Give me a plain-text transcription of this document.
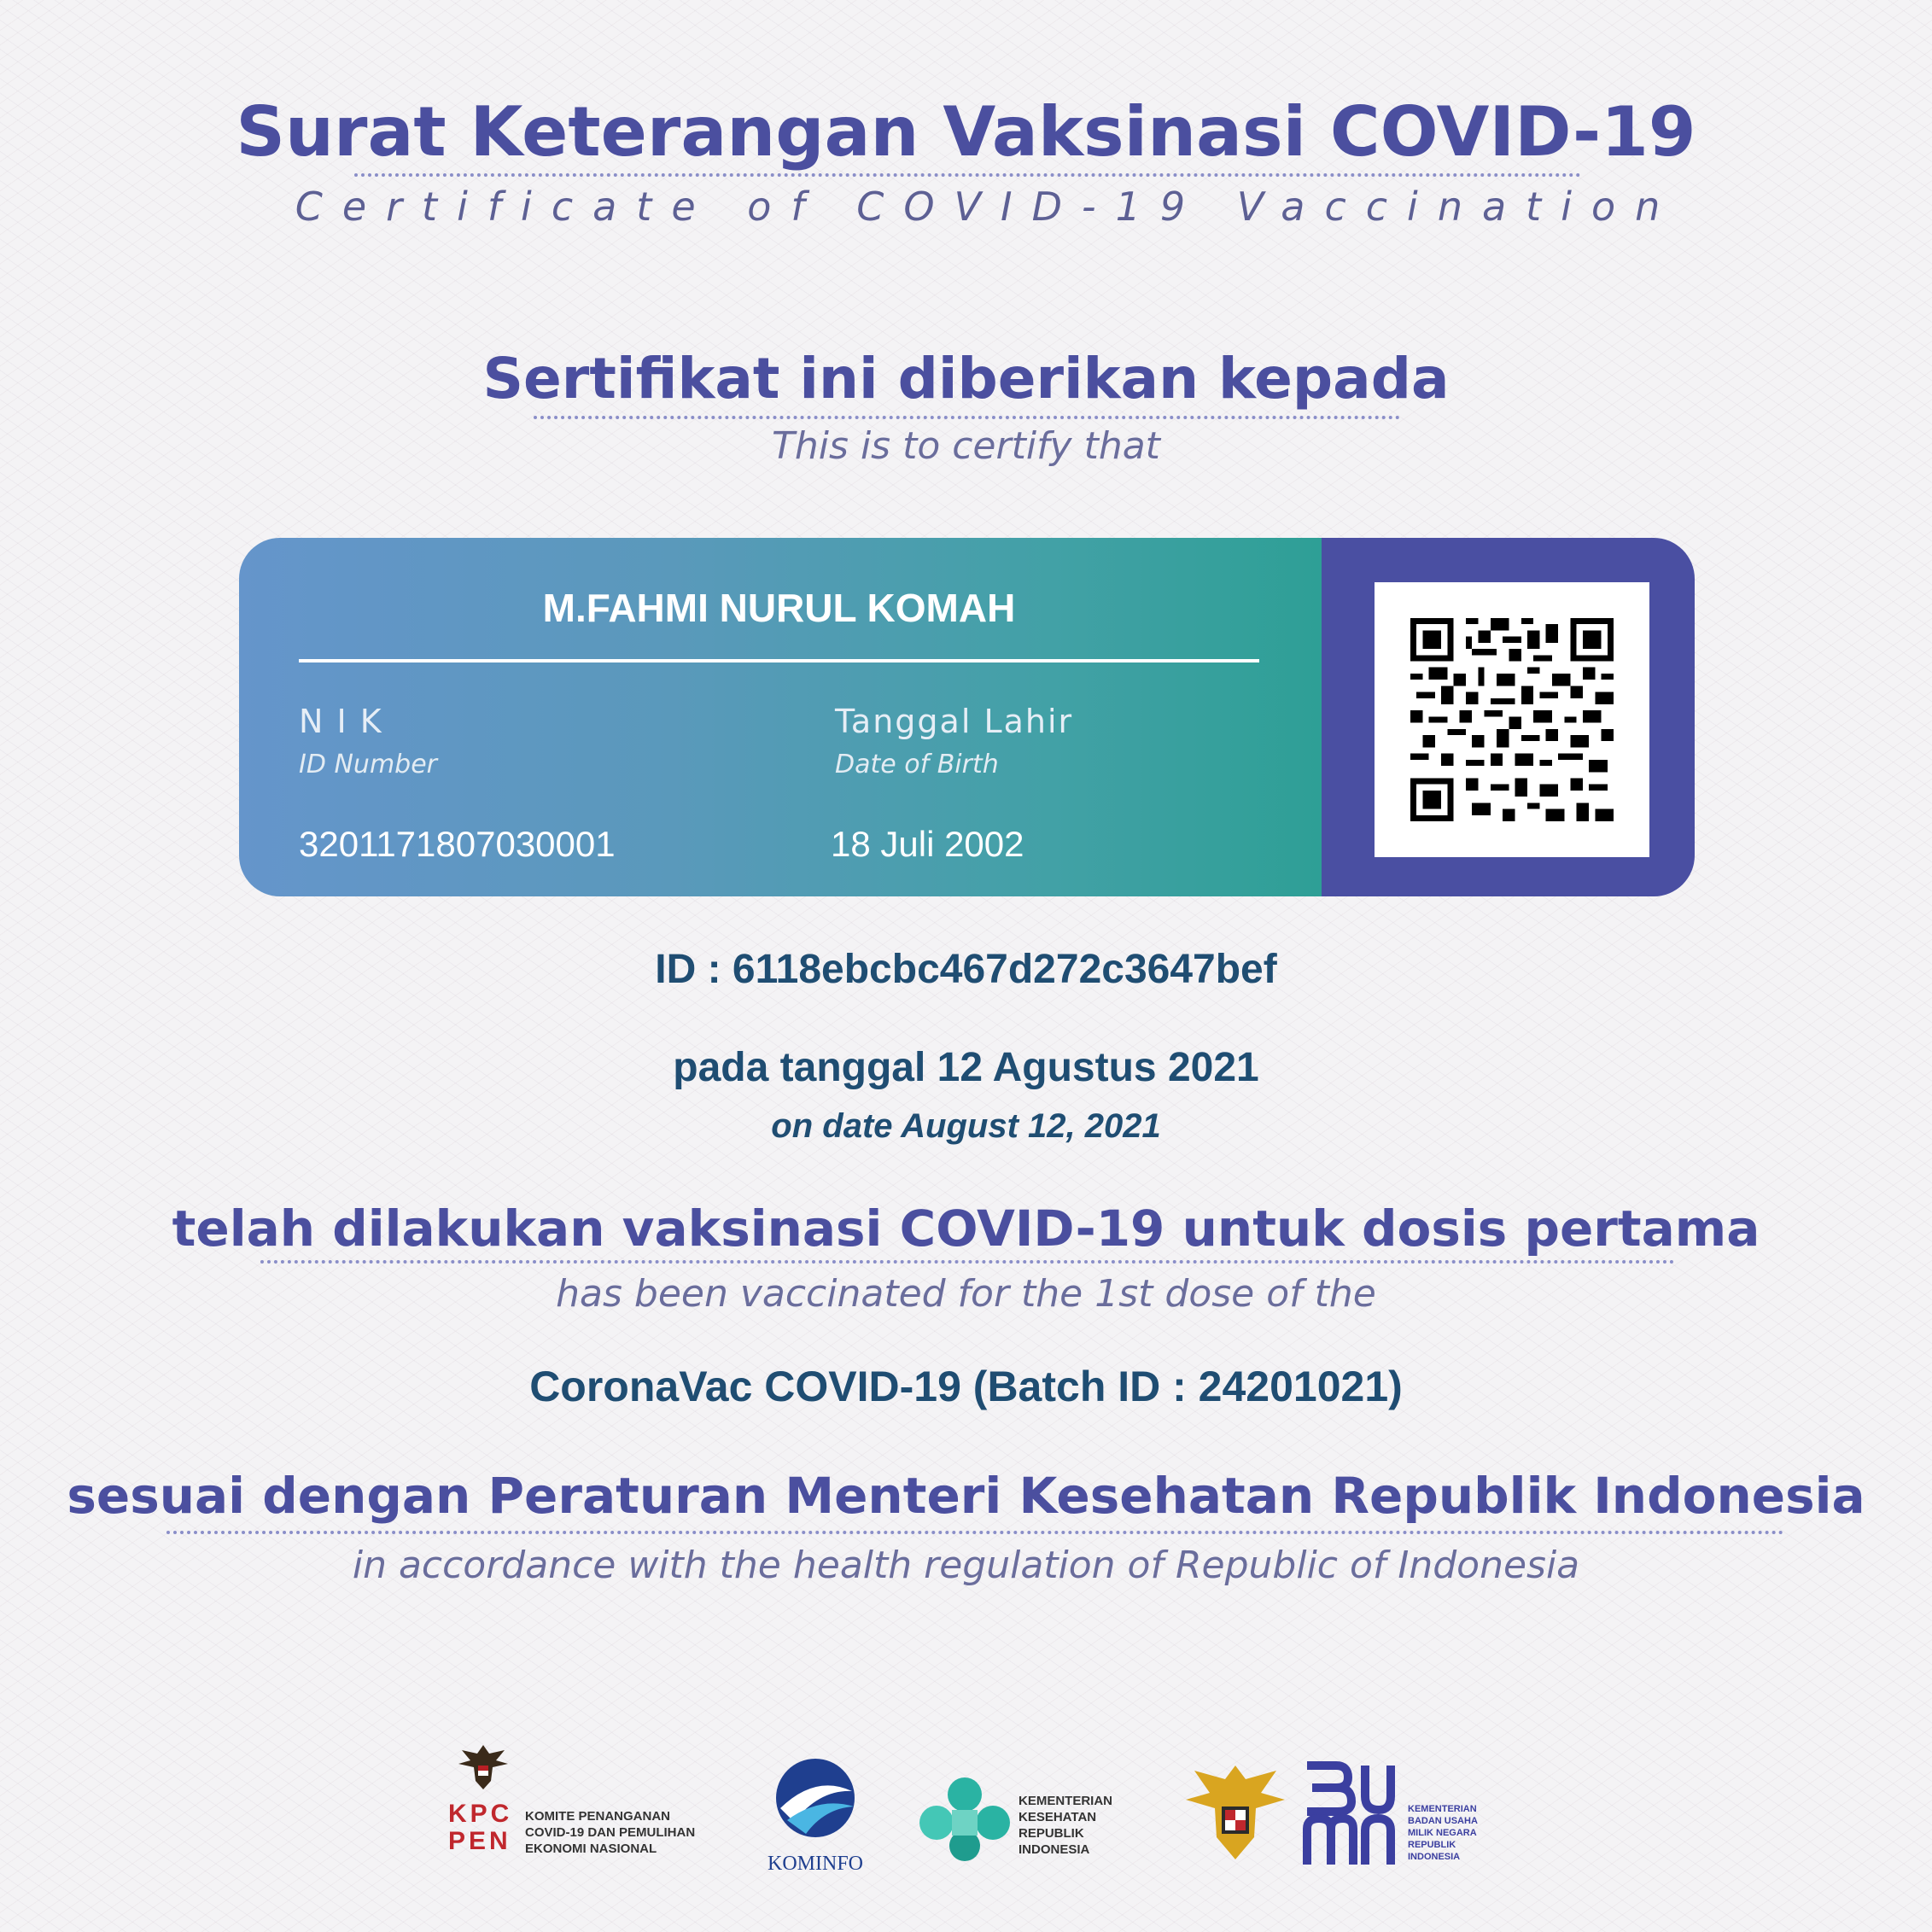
Surat Keterangan Vaksinasi COVID-19
Certificate of COVID-19 Vaccination
Sertifikat ini diberikan kepada
This is to certify that
M.FAHMI NURUL KOMAH
N I K
ID Number
3201171807030001
Tanggal Lahir
Date of Birth
18 Juli 2002
ID : 6118ebcbc467d272c3647bef
pada tanggal 12 Agustus 2021
on date August 12, 2021
telah dilakukan vaksinasi COVID-19 untuk dosis pertama
has been vaccinated for the 1st dose of the
CoronaVac COVID-19 (Batch ID : 24201021)
sesuai dengan Peraturan Menteri Kesehatan Republik Indonesia
in accordance with the health regulation of Republic of Indonesia
KPC
PEN
KOMITE PENANGANAN
COVID-19 DAN PEMULIHAN
EKONOMI NASIONAL
KOMINFO
KEMENTERIAN
KESEHATAN
REPUBLIK
INDONESIA
KEMENTERIAN
BADAN USAHA
MILIK NEGARA
REPUBLIK
INDONESIA
